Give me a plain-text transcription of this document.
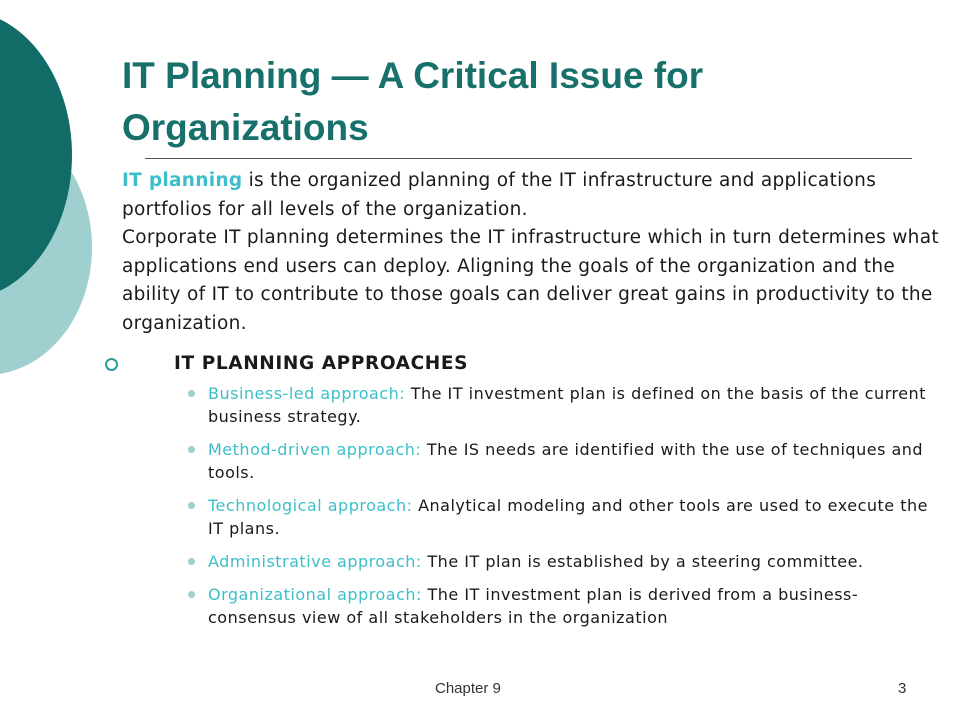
IT Planning — A Critical Issue for Organizations

IT planning is the organized planning of the IT infrastructure and applications portfolios for all levels of the organization.

Corporate IT planning determines the IT infrastructure which in turn determines what applications end users can deploy. Aligning the goals of the organization and the ability of IT to contribute to those goals can deliver great gains in productivity to the organization.

IT PLANNING APPROACHES
Business-led approach: The IT investment plan is defined on the basis of the current business strategy.
Method-driven approach: The IS needs are identified with the use of techniques and tools.
Technological approach: Analytical modeling and other tools are used to execute the IT plans.
Administrative approach: The IT plan is established by a steering committee.
Organizational approach: The IT investment plan is derived from a business-consensus view of all stakeholders in the organization
Chapter 9	3
